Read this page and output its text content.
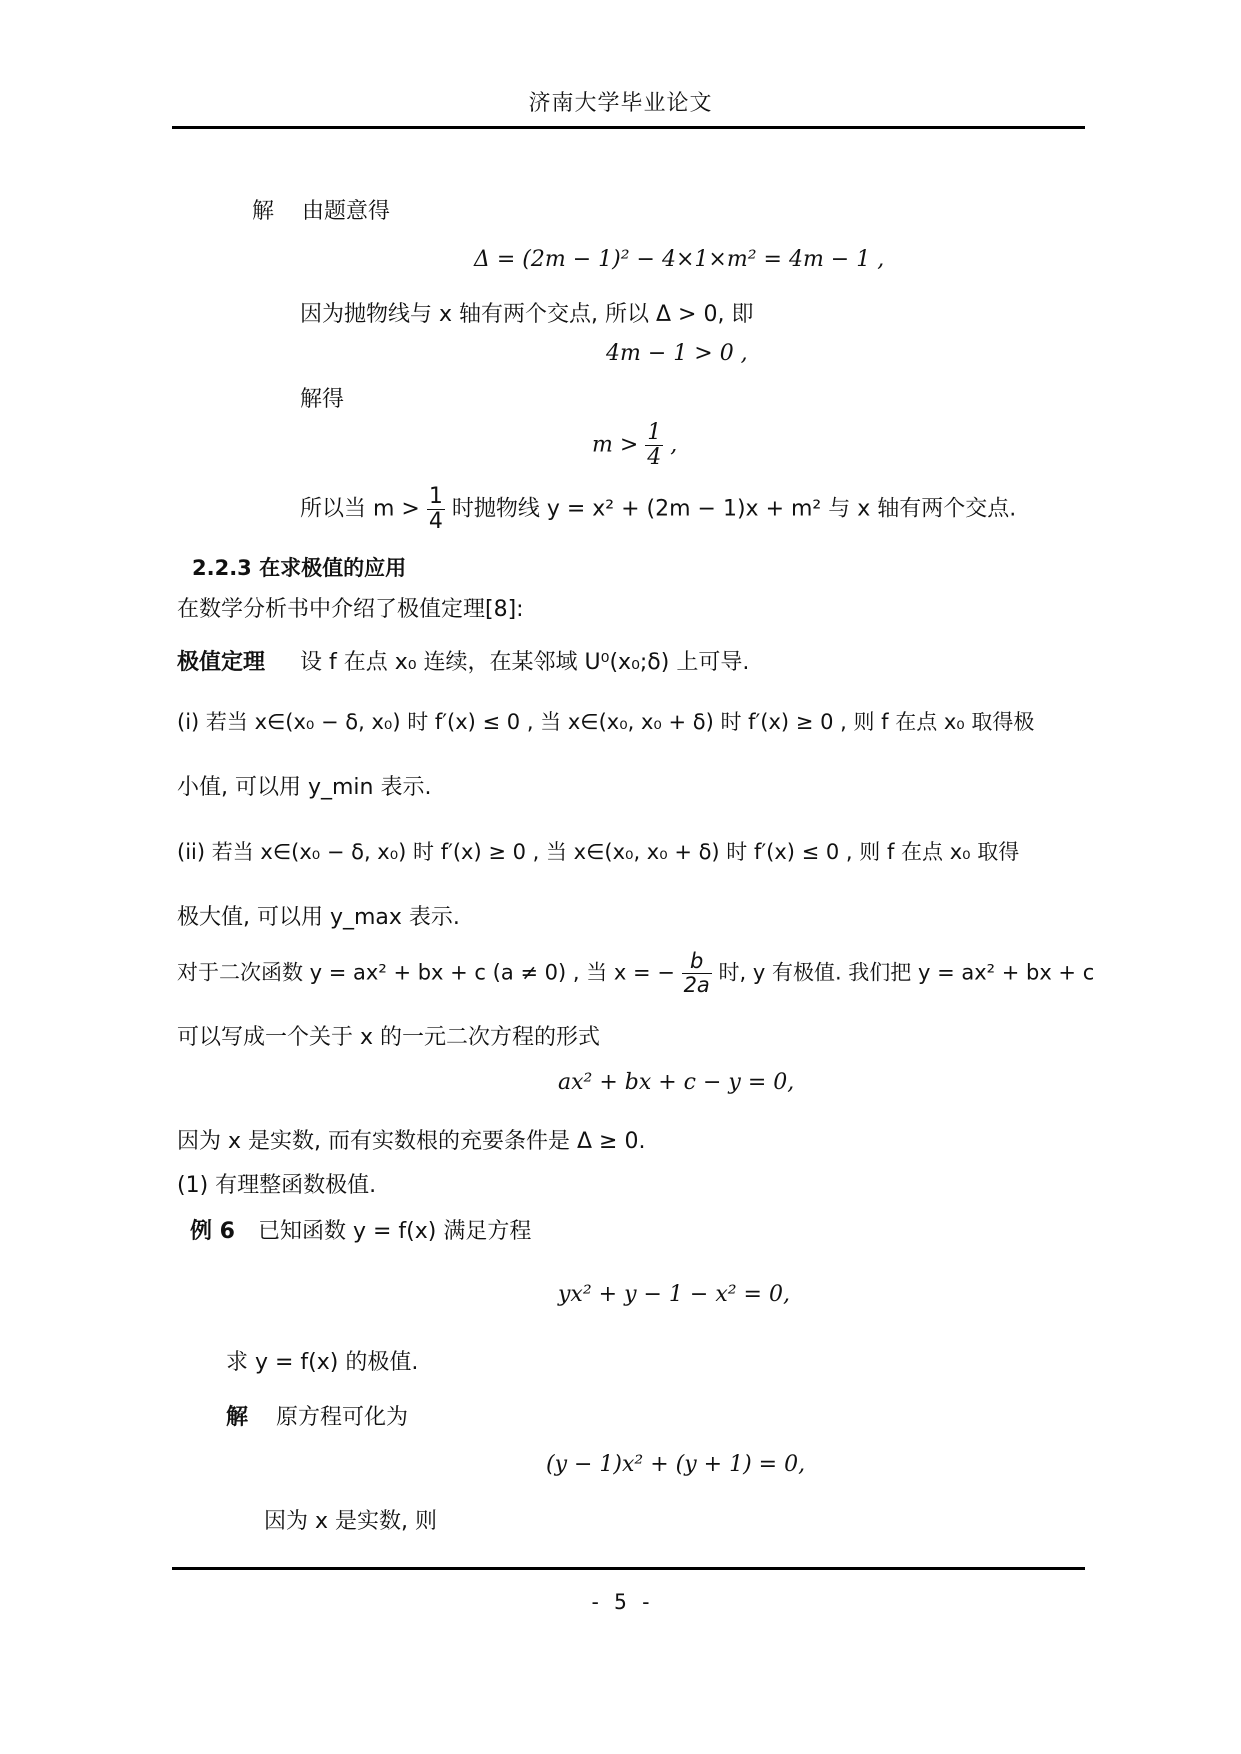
济南大学毕业论文
解 由题意得
Δ = (2m − 1)² − 4×1×m² = 4m − 1 ,
因为抛物线与 x 轴有两个交点, 所以 Δ > 0, 即
4m − 1 > 0 ,
解得
$m > \frac{1}{4}$ ,
所以当 $m > \frac{1}{4}$ 时抛物线 y = x² + (2m − 1)x + m² 与 x 轴有两个交点.
2.2.3 在求极值的应用
在数学分析书中介绍了极值定理[8]:
极值定理 设 f 在点 x₀ 连续，在某邻域 U⁰(x₀;δ) 上可导.
(i) 若当 x∈(x₀ − δ, x₀) 时 f′(x) ≤ 0 , 当 x∈(x₀, x₀ + δ) 时 f′(x) ≥ 0 , 则 f 在点 x₀ 取得极
小值, 可以用 y_min 表示.
(ii) 若当 x∈(x₀ − δ, x₀) 时 f′(x) ≥ 0 , 当 x∈(x₀, x₀ + δ) 时 f′(x) ≤ 0 , 则 f 在点 x₀ 取得
极大值, 可以用 y_max 表示.
对于二次函数 y = ax² + bx + c (a ≠ 0) , 当 x = − $\frac{b}{2a}$ 时, y 有极值. 我们把 y = ax² + bx + c
可以写成一个关于 x 的一元二次方程的形式
ax² + bx + c − y = 0,
因为 x 是实数, 而有实数根的充要条件是 Δ ≥ 0.
(1) 有理整函数极值.
例 6 已知函数 y = f(x) 满足方程
yx² + y − 1 − x² = 0,
求 y = f(x) 的极值.
解 原方程可化为
(y − 1)x² + (y + 1) = 0,
因为 x 是实数, 则
- 5 -
